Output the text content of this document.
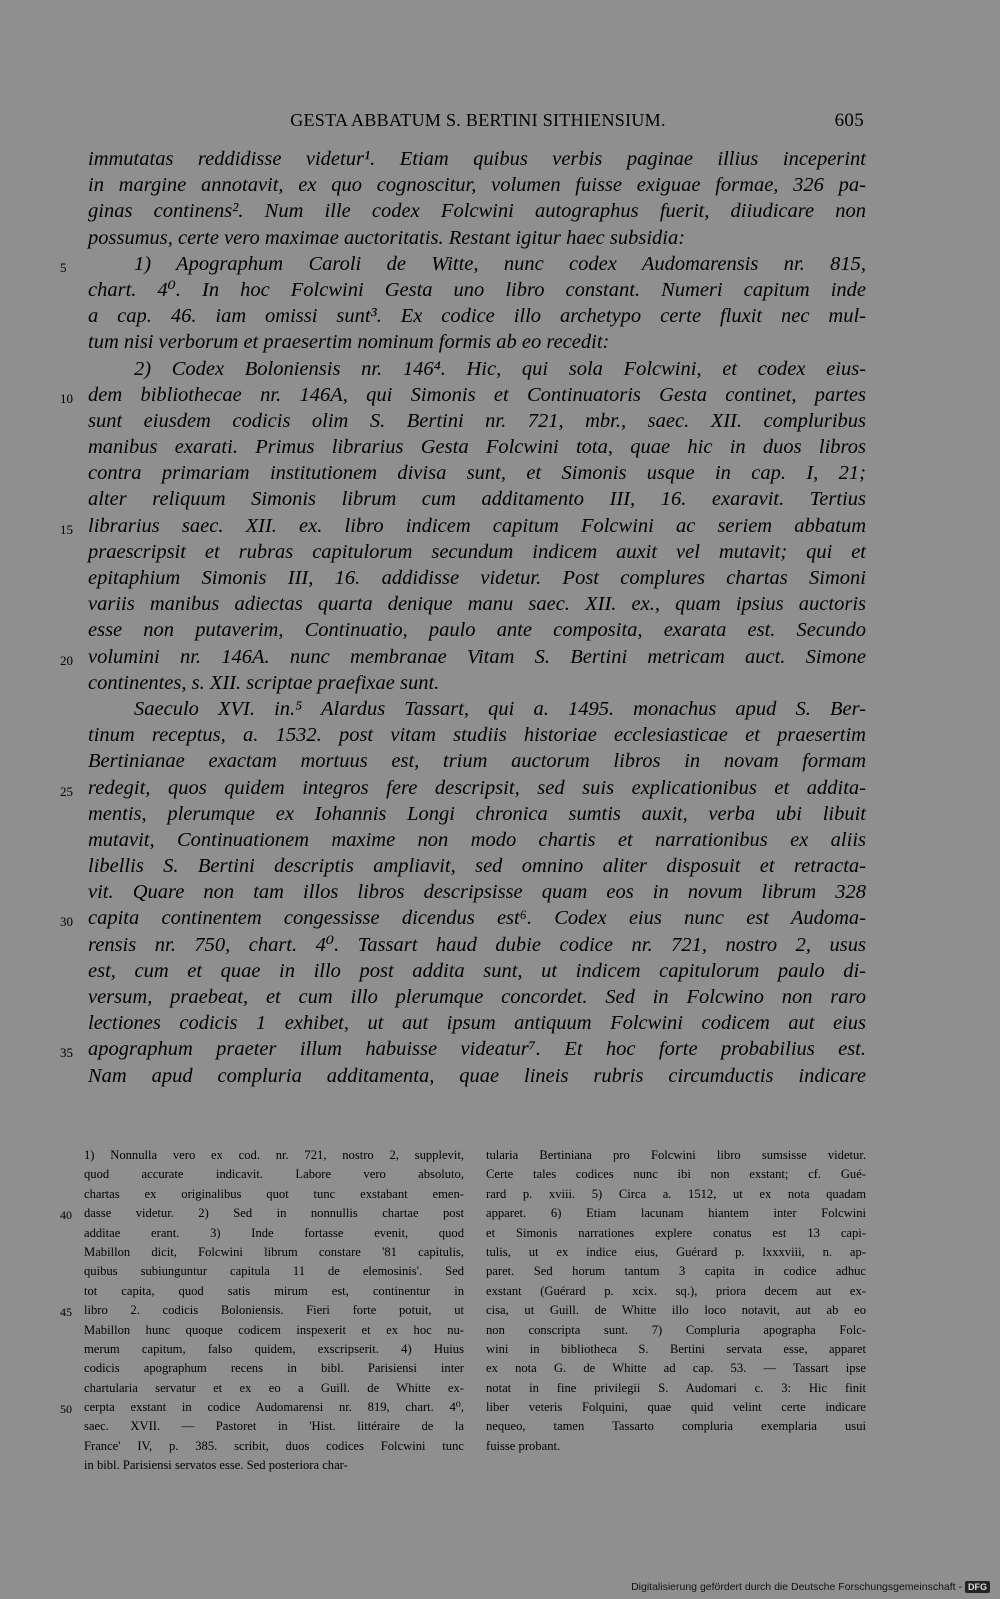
GESTA ABBATUM S. BERTINI SITHIENSIUM.	605
immutatas reddidisse videtur¹. Etiam quibus verbis paginae illius inceperint
in margine annotavit, ex quo cognoscitur, volumen fuisse exiguae formae, 326 pa-
ginas continens². Num ille codex Folcwini autographus fuerit, diiudicare non
possumus, certe vero maximae auctoritatis. Restant igitur haec subsidia:
5	1) Apographum Caroli de Witte, nunc codex Audomarensis nr. 815,
chart. 4⁰. In hoc Folcwini Gesta uno libro constant. Numeri capitum inde
a cap. 46. iam omissi sunt³. Ex codice illo archetypo certe fluxit nec mul-
tum nisi verborum et praesertim nominum formis ab eo recedit:
2) Codex Boloniensis nr. 146⁴. Hic, qui sola Folcwini, et codex eius-
10 dem bibliothecae nr. 146A, qui Simonis et Continuatoris Gesta continet, partes
sunt eiusdem codicis olim S. Bertini nr. 721, mbr., saec. XII. compluribus
manibus exarati. Primus librarius Gesta Folcwini tota, quae hic in duos libros
contra primariam institutionem divisa sunt, et Simonis usque in cap. I, 21;
alter reliquum Simonis librum cum additamento III, 16. exaravit. Tertius
15 librarius saec. XII. ex. libro indicem capitum Folcwini ac seriem abbatum
praescripsit et rubras capitulorum secundum indicem auxit vel mutavit; qui et
epitaphium Simonis III, 16. addidisse videtur. Post complures chartas Simoni
variis manibus adiectas quarta denique manu saec. XII. ex., quam ipsius auctoris
esse non putaverim, Continuatio, paulo ante composita, exarata est. Secundo
20 volumini nr. 146A. nunc membranae Vitam S. Bertini metricam auct. Simone
continentes, s. XII. scriptae praefixae sunt.
Saeculo XVI. in.⁵ Alardus Tassart, qui a. 1495. monachus apud S. Ber-
tinum receptus, a. 1532. post vitam studiis historiae ecclesiasticae et praesertim
Bertinianae exactam mortuus est, trium auctorum libros in novam formam
25 redegit, quos quidem integros fere descripsit, sed suis explicationibus et addita-
mentis, plerumque ex Iohannis Longi chronica sumtis auxit, verba ubi libuit
mutavit, Continuationem maxime non modo chartis et narrationibus ex aliis
libellis S. Bertini descriptis ampliavit, sed omnino aliter disposuit et retracta-
vit. Quare non tam illos libros descripsisse quam eos in novum librum 328
30 capita continentem congessisse dicendus est⁶. Codex eius nunc est Audoma-
rensis nr. 750, chart. 4⁰. Tassart haud dubie codice nr. 721, nostro 2, usus
est, cum et quae in illo post addita sunt, ut indicem capitulorum paulo di-
versum, praebeat, et cum illo plerumque concordet. Sed in Folcwino non raro
lectiones codicis 1 exhibet, ut aut ipsum antiquum Folcwini codicem aut eius
35 apographum praeter illum habuisse videatur⁷. Et hoc forte probabilius est.
Nam apud compluria additamenta, quae lineis rubris circumductis indicare
1) Nonnulla vero ex cod. nr. 721, nostro 2, supplevit,
quod accurate indicavit. Labore vero absoluto,
chartas ex originalibus quot tunc exstabant emen-
40 dasse videtur. 2) Sed in nonnullis chartae post
additae erant. 3) Inde fortasse evenit, quod
Mabillon dicit, Folcwini librum constare '81 capitulis,
quibus subiunguntur capitula 11 de elemosinis'. Sed
tot capita, quod satis mirum est, continentur in
45 libro 2. codicis Boloniensis. Fieri forte potuit, ut
Mabillon hunc quoque codicem inspexerit et ex hoc nu-
merum capitum, falso quidem, exscripserit. 4) Huius
codicis apographum recens in bibl. Parisiensi inter
chartularia servatur et ex eo a Guill. de Whitte ex-
50 cerpta exstant in codice Audomarensi nr. 819, chart. 4⁰,
saec. XVII. — Pastoret in 'Hist. littéraire de la
France' IV, p. 385. scribit, duos codices Folcwini tunc
in bibl. Parisiensi servatos esse. Sed posteriora char-
tularia Bertiniana pro Folcwini libro sumsisse videtur.
Certe tales codices nunc ibi non exstant; cf. Gué-
rard p. xviii. 5) Circa a. 1512, ut ex nota quadam
apparet. 6) Etiam lacunam hiantem inter Folcwini
et Simonis narrationes explere conatus est 13 capi-
tulis, ut ex indice eius, Guérard p. lxxxviii, n. ap-
paret. Sed horum tantum 3 capita in codice adhuc
exstant (Guérard p. xcix. sq.), priora decem aut ex-
cisa, ut Guill. de Whitte illo loco notavit, aut ab eo
non conscripta sunt. 7) Compluria apographa Folc-
wini in bibliotheca S. Bertini servata esse, apparet
ex nota G. de Whitte ad cap. 53. — Tassart ipse
notat in fine privilegii S. Audomari c. 3: Hic finit
liber veteris Folquini, quae quid velint certe indicare
nequeo, tamen Tassarto compluria exemplaria usui
fuisse probant.
Digitalisierung gefördert durch die Deutsche Forschungsgemeinschaft - DFG
